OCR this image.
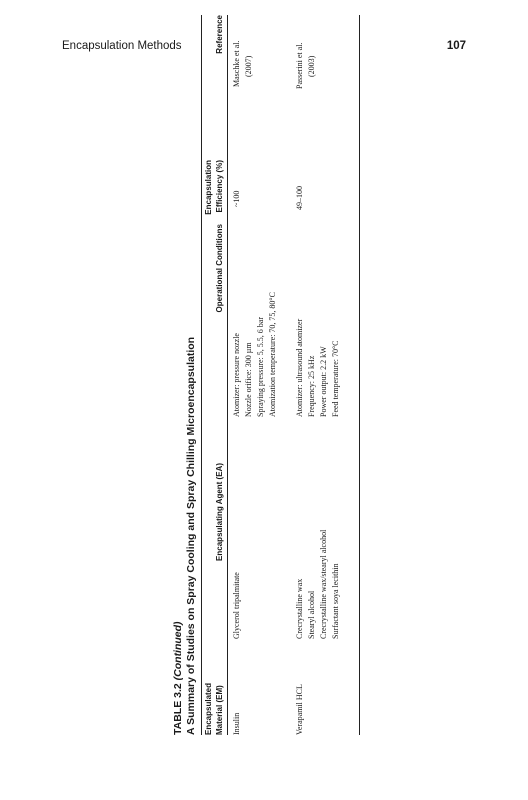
Encapsulation Methods	107
TABLE 3.2 (Continued) A Summary of Studies on Spray Cooling and Spray Chilling Microencapsulation Encapsulated Material (EM)
Encapsulating Agent (EA)
Operational Conditions
Encapsulation Efficiency (%)
Reference
Insulin
Glycerol tripalmitate
Atomizer: pressure nozzle Nozzle orifice: 300 µm Spraying pressure: 5, 5.5, 6 bar Atomization temperature: 70, 75, 80°C
~100
Maschke et al. (2007)
Verapamil HCL
Crecrystalline wax Stearyl alcohol Crecrystalline wax/stearyl alcohol Surfactant soya lecithin
Atomizer: ultrasound atomizer Frequency: 25 kHz Power output: 2.2 kW Feed temperature: 70°C
49–100
Passerini et al. (2003)
